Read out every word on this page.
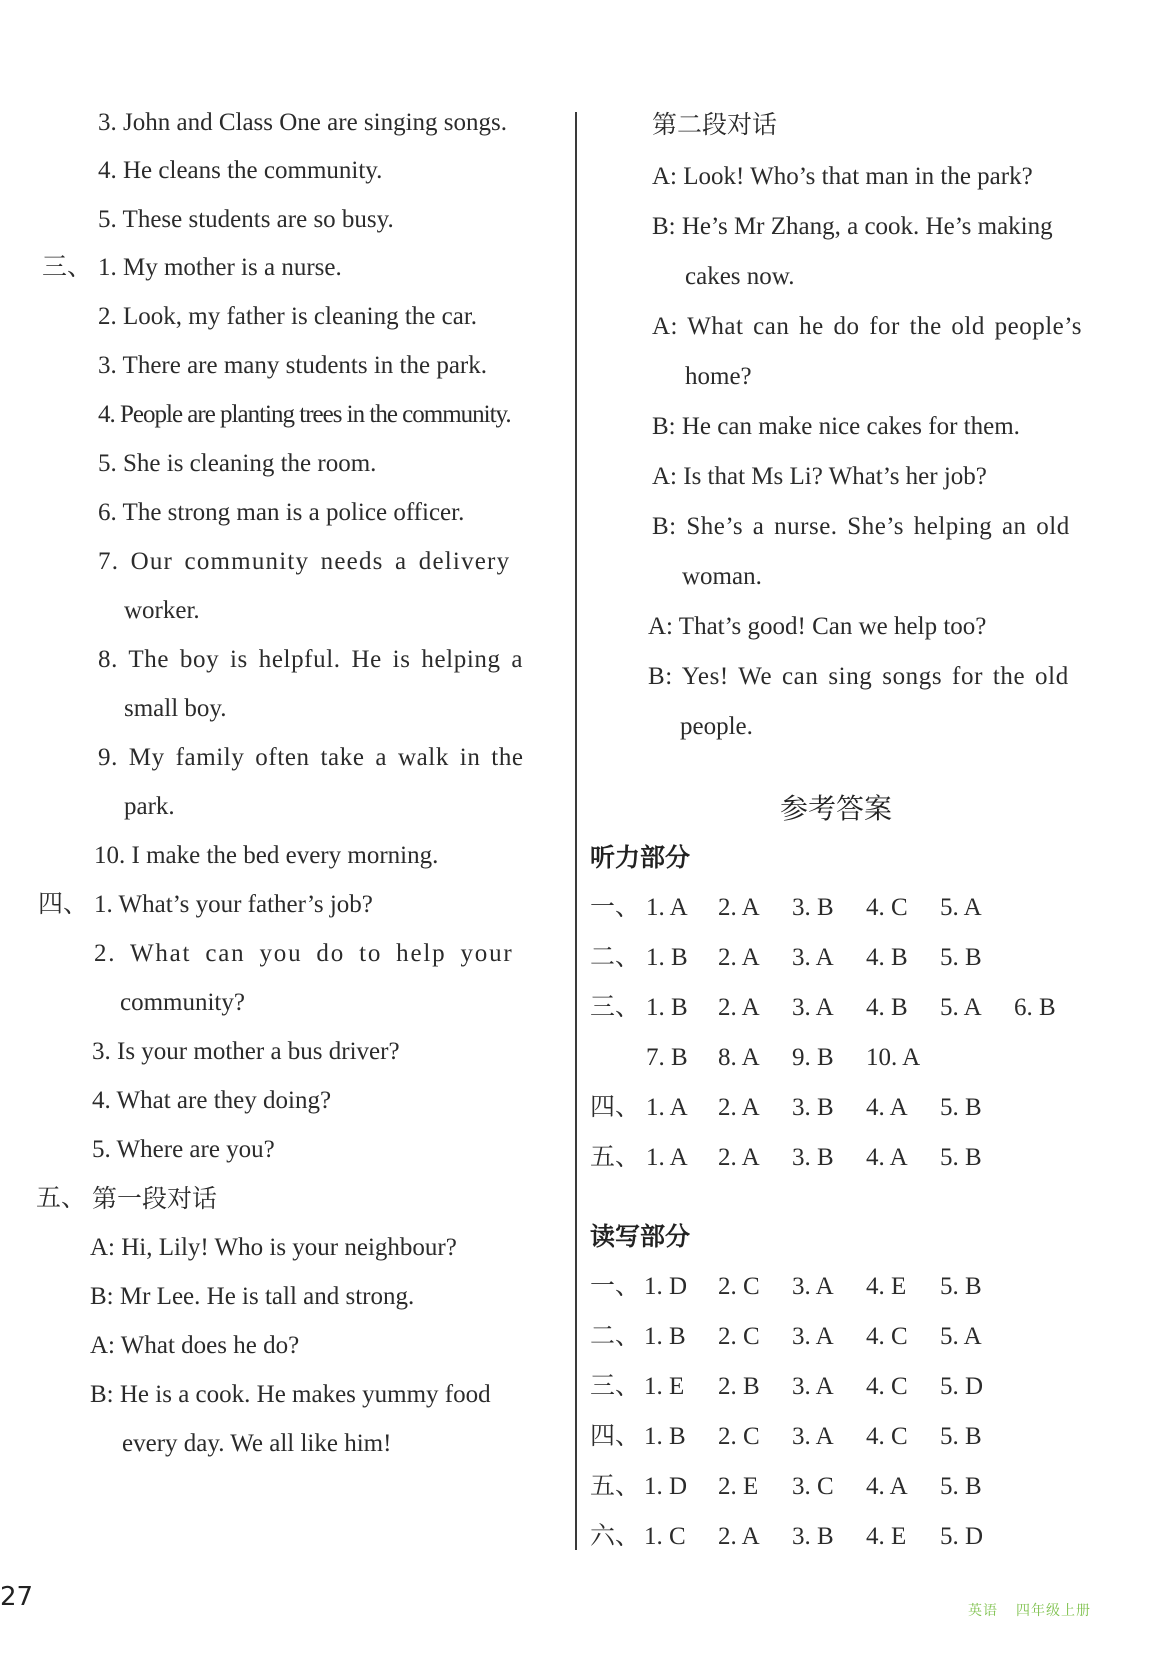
3. John and Class One are singing songs.
4. He cleans the community.
5. These students are so busy.
三、 1. My mother is a nurse.
2. Look, my father is cleaning the car.
3. There are many students in the park.
4. People are planting trees in the community.
5. She is cleaning the room.
6. The strong man is a police officer.
7. Our community needs a delivery
worker.
8. The boy is helpful. He is helping a
small boy.
9. My family often take a walk in the
park.
10. I make the bed every morning.
四、 1. What’s your father’s job?
2. What can you do to help your
community?
3. Is your mother a bus driver?
4. What are they doing?
5. Where are you?
五、 第一段对话
A: Hi, Lily! Who is your neighbour?
B: Mr Lee. He is tall and strong.
A: What does he do?
B: He is a cook. He makes yummy food
every day. We all like him!
第二段对话
A: Look! Who’s that man in the park?
B: He’s Mr Zhang, a cook. He’s making
cakes now.
A: What can he do for the old people’s
home?
B: He can make nice cakes for them.
A: Is that Ms Li? What’s her job?
B: She’s a nurse. She’s helping an old
woman.
A: That’s good! Can we help too?
B: Yes! We can sing songs for the old
people.
参考答案
听力部分
一、 1. A 2. A 3. B 4. C 5. A
二、 1. B 2. A 3. A 4. B 5. B
三、 1. B 2. A 3. A 4. B 5. A 6. B
7. B 8. A 9. B 10. A
四、 1. A 2. A 3. B 4. A 5. B
五、 1. A 2. A 3. B 4. A 5. B
读写部分
一、 1. D 2. C 3. A 4. E 5. B
二、 1. B 2. C 3. A 4. C 5. A
三、 1. E 2. B 3. A 4. C 5. D
四、 1. B 2. C 3. A 4. C 5. B
五、 1. D 2. E 3. C 4. A 5. B
六、 1. C 2. A 3. B 4. E 5. D
27	英语 四年级上册
